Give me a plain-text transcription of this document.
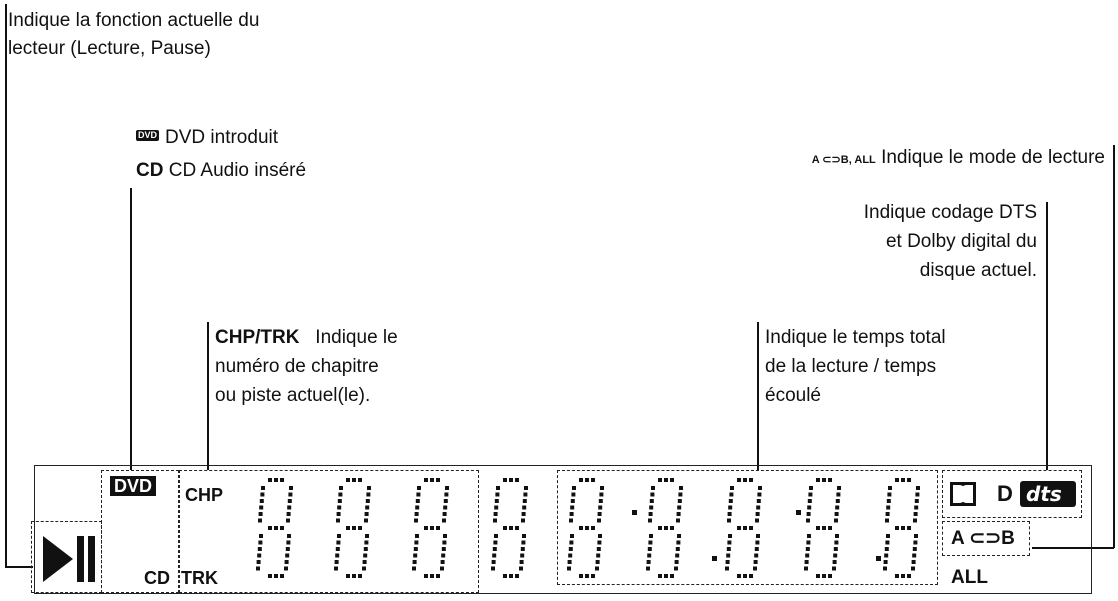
Indique la fonction actuelle du
lecteur (Lecture, Pause)
DVD DVD introduit
CD CD Audio inséré	A ⊂⊃B, ALL Indique le mode de lecture
Indique codage DTS
et Dolby digital du
disque actuel.
CHP/TRK Indique le
numéro de chapitre
ou piste actuel(le).
Indique le temps total
de la lecture / temps
écoulé
DVD
CD
CHP
TRK
D dts
A ⊂⊃B
ALL
